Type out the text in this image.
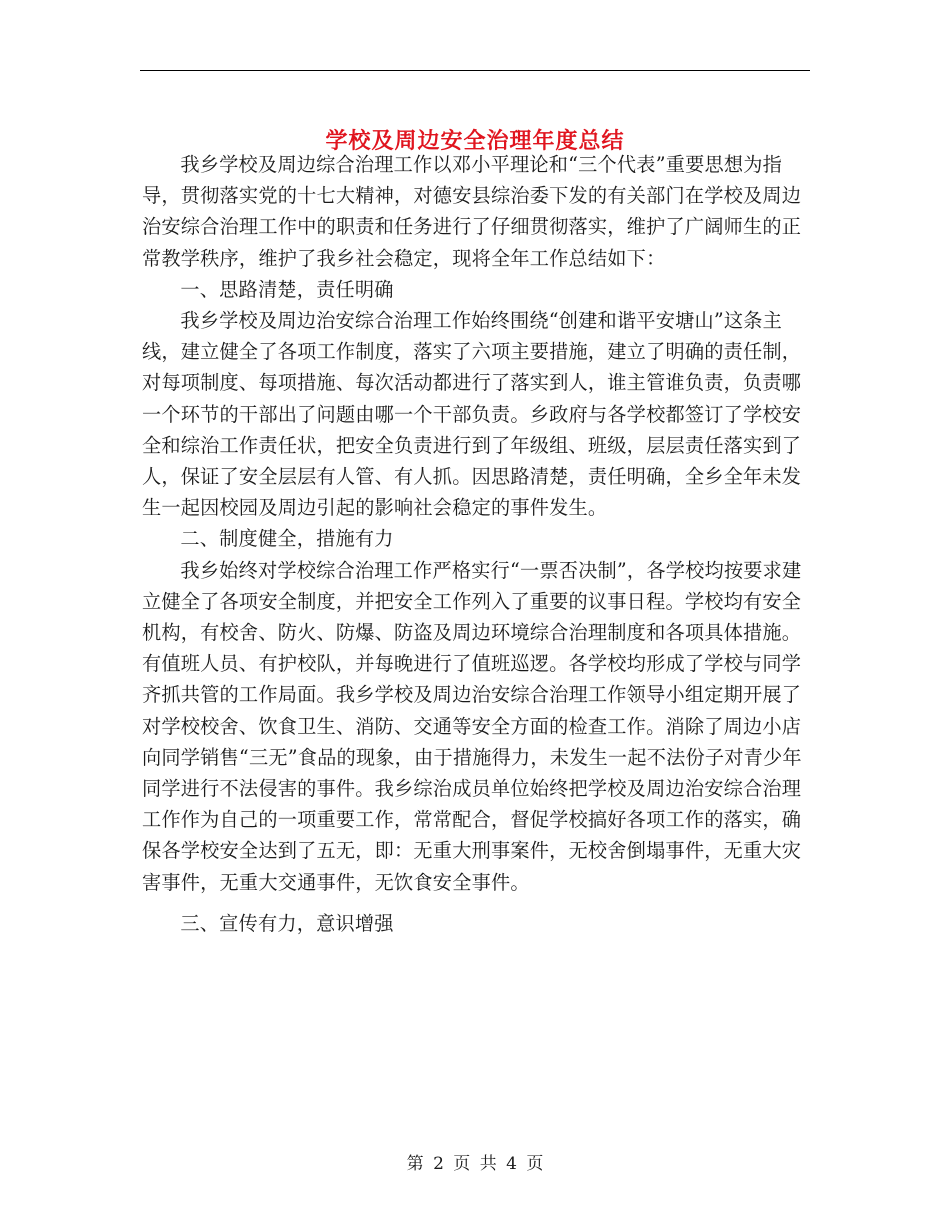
学校及周边安全治理年度总结

我乡学校及周边综合治理工作以邓小平理论和“三个代表”重要思想为指导，贯彻落实党的十七大精神，对德安县综治委下发的有关部门在学校及周边治安综合治理工作中的职责和任务进行了仔细贯彻落实，维护了广阔师生的正常教学秩序，维护了我乡社会稳定，现将全年工作总结如下：

一、思路清楚，责任明确

我乡学校及周边治安综合治理工作始终围绕“创建和谐平安塘山”这条主线，建立健全了各项工作制度，落实了六项主要措施，建立了明确的责任制，对每项制度、每项措施、每次活动都进行了落实到人，谁主管谁负责，负责哪一个环节的干部出了问题由哪一个干部负责。乡政府与各学校都签订了学校安全和综治工作责任状，把安全负责进行到了年级组、班级，层层责任落实到了人，保证了安全层层有人管、有人抓。因思路清楚，责任明确，全乡全年未发生一起因校园及周边引起的影响社会稳定的事件发生。

二、制度健全，措施有力

我乡始终对学校综合治理工作严格实行“一票否决制”，各学校均按要求建立健全了各项安全制度，并把安全工作列入了重要的议事日程。学校均有安全机构，有校舍、防火、防爆、防盗及周边环境综合治理制度和各项具体措施。有值班人员、有护校队，并每晚进行了值班巡逻。各学校均形成了学校与同学齐抓共管的工作局面。我乡学校及周边治安综合治理工作领导小组定期开展了对学校校舍、饮食卫生、消防、交通等安全方面的检查工作。消除了周边小店向同学销售“三无”食品的现象，由于措施得力，未发生一起不法份子对青少年同学进行不法侵害的事件。我乡综治成员单位始终把学校及周边治安综合治理工作作为自己的一项重要工作，常常配合，督促学校搞好各项工作的落实，确保各学校安全达到了五无，即：无重大刑事案件，无校舍倒塌事件，无重大灾害事件，无重大交通事件，无饮食安全事件。

三、宣传有力，意识增强

第 2 页 共 4 页
